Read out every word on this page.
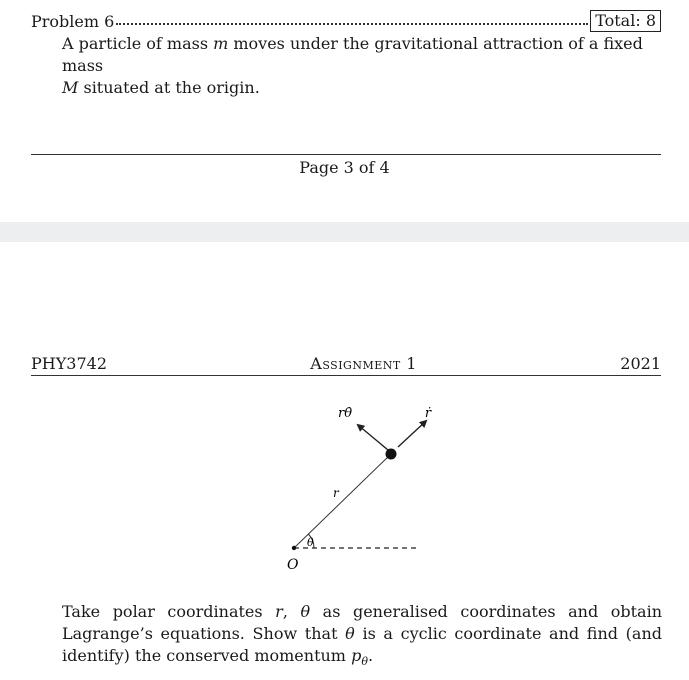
Problem 6	Total: 8

A particle of mass m moves under the gravitational attraction of a fixed mass

M situated at the origin.

Page 3 of 4
PHY3742	Assignment 1	2021
rθ̇	ṙ
r
θ
O

Take polar coordinates r, θ as generalised coordinates and obtain Lagrange’s equations. Show that θ is a cyclic coordinate and find (and identify) the conserved momentum $p_\theta$.
